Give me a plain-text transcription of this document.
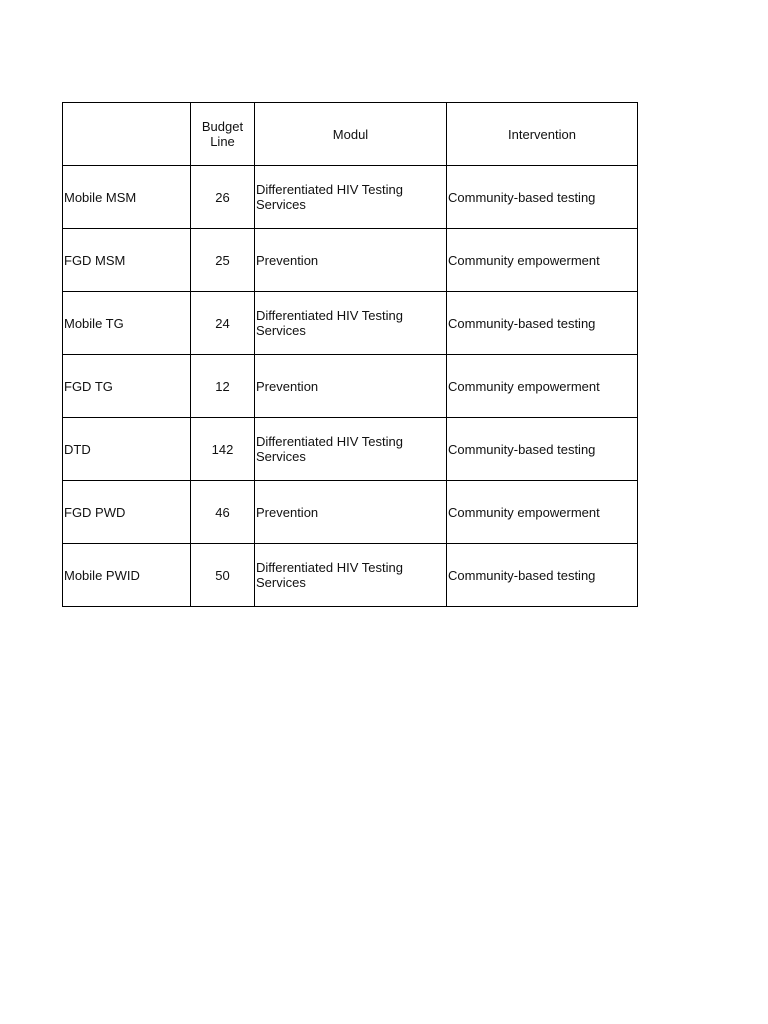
	Budget Line	Modul	Intervention
Mobile MSM	26	Differentiated HIV Testing Services	Community-based testing
FGD MSM	25	Prevention	Community empowerment
Mobile TG	24	Differentiated HIV Testing Services	Community-based testing
FGD TG	12	Prevention	Community empowerment
DTD	142	Differentiated HIV Testing Services	Community-based testing
FGD PWD	46	Prevention	Community empowerment
Mobile PWID	50	Differentiated HIV Testing Services	Community-based testing
